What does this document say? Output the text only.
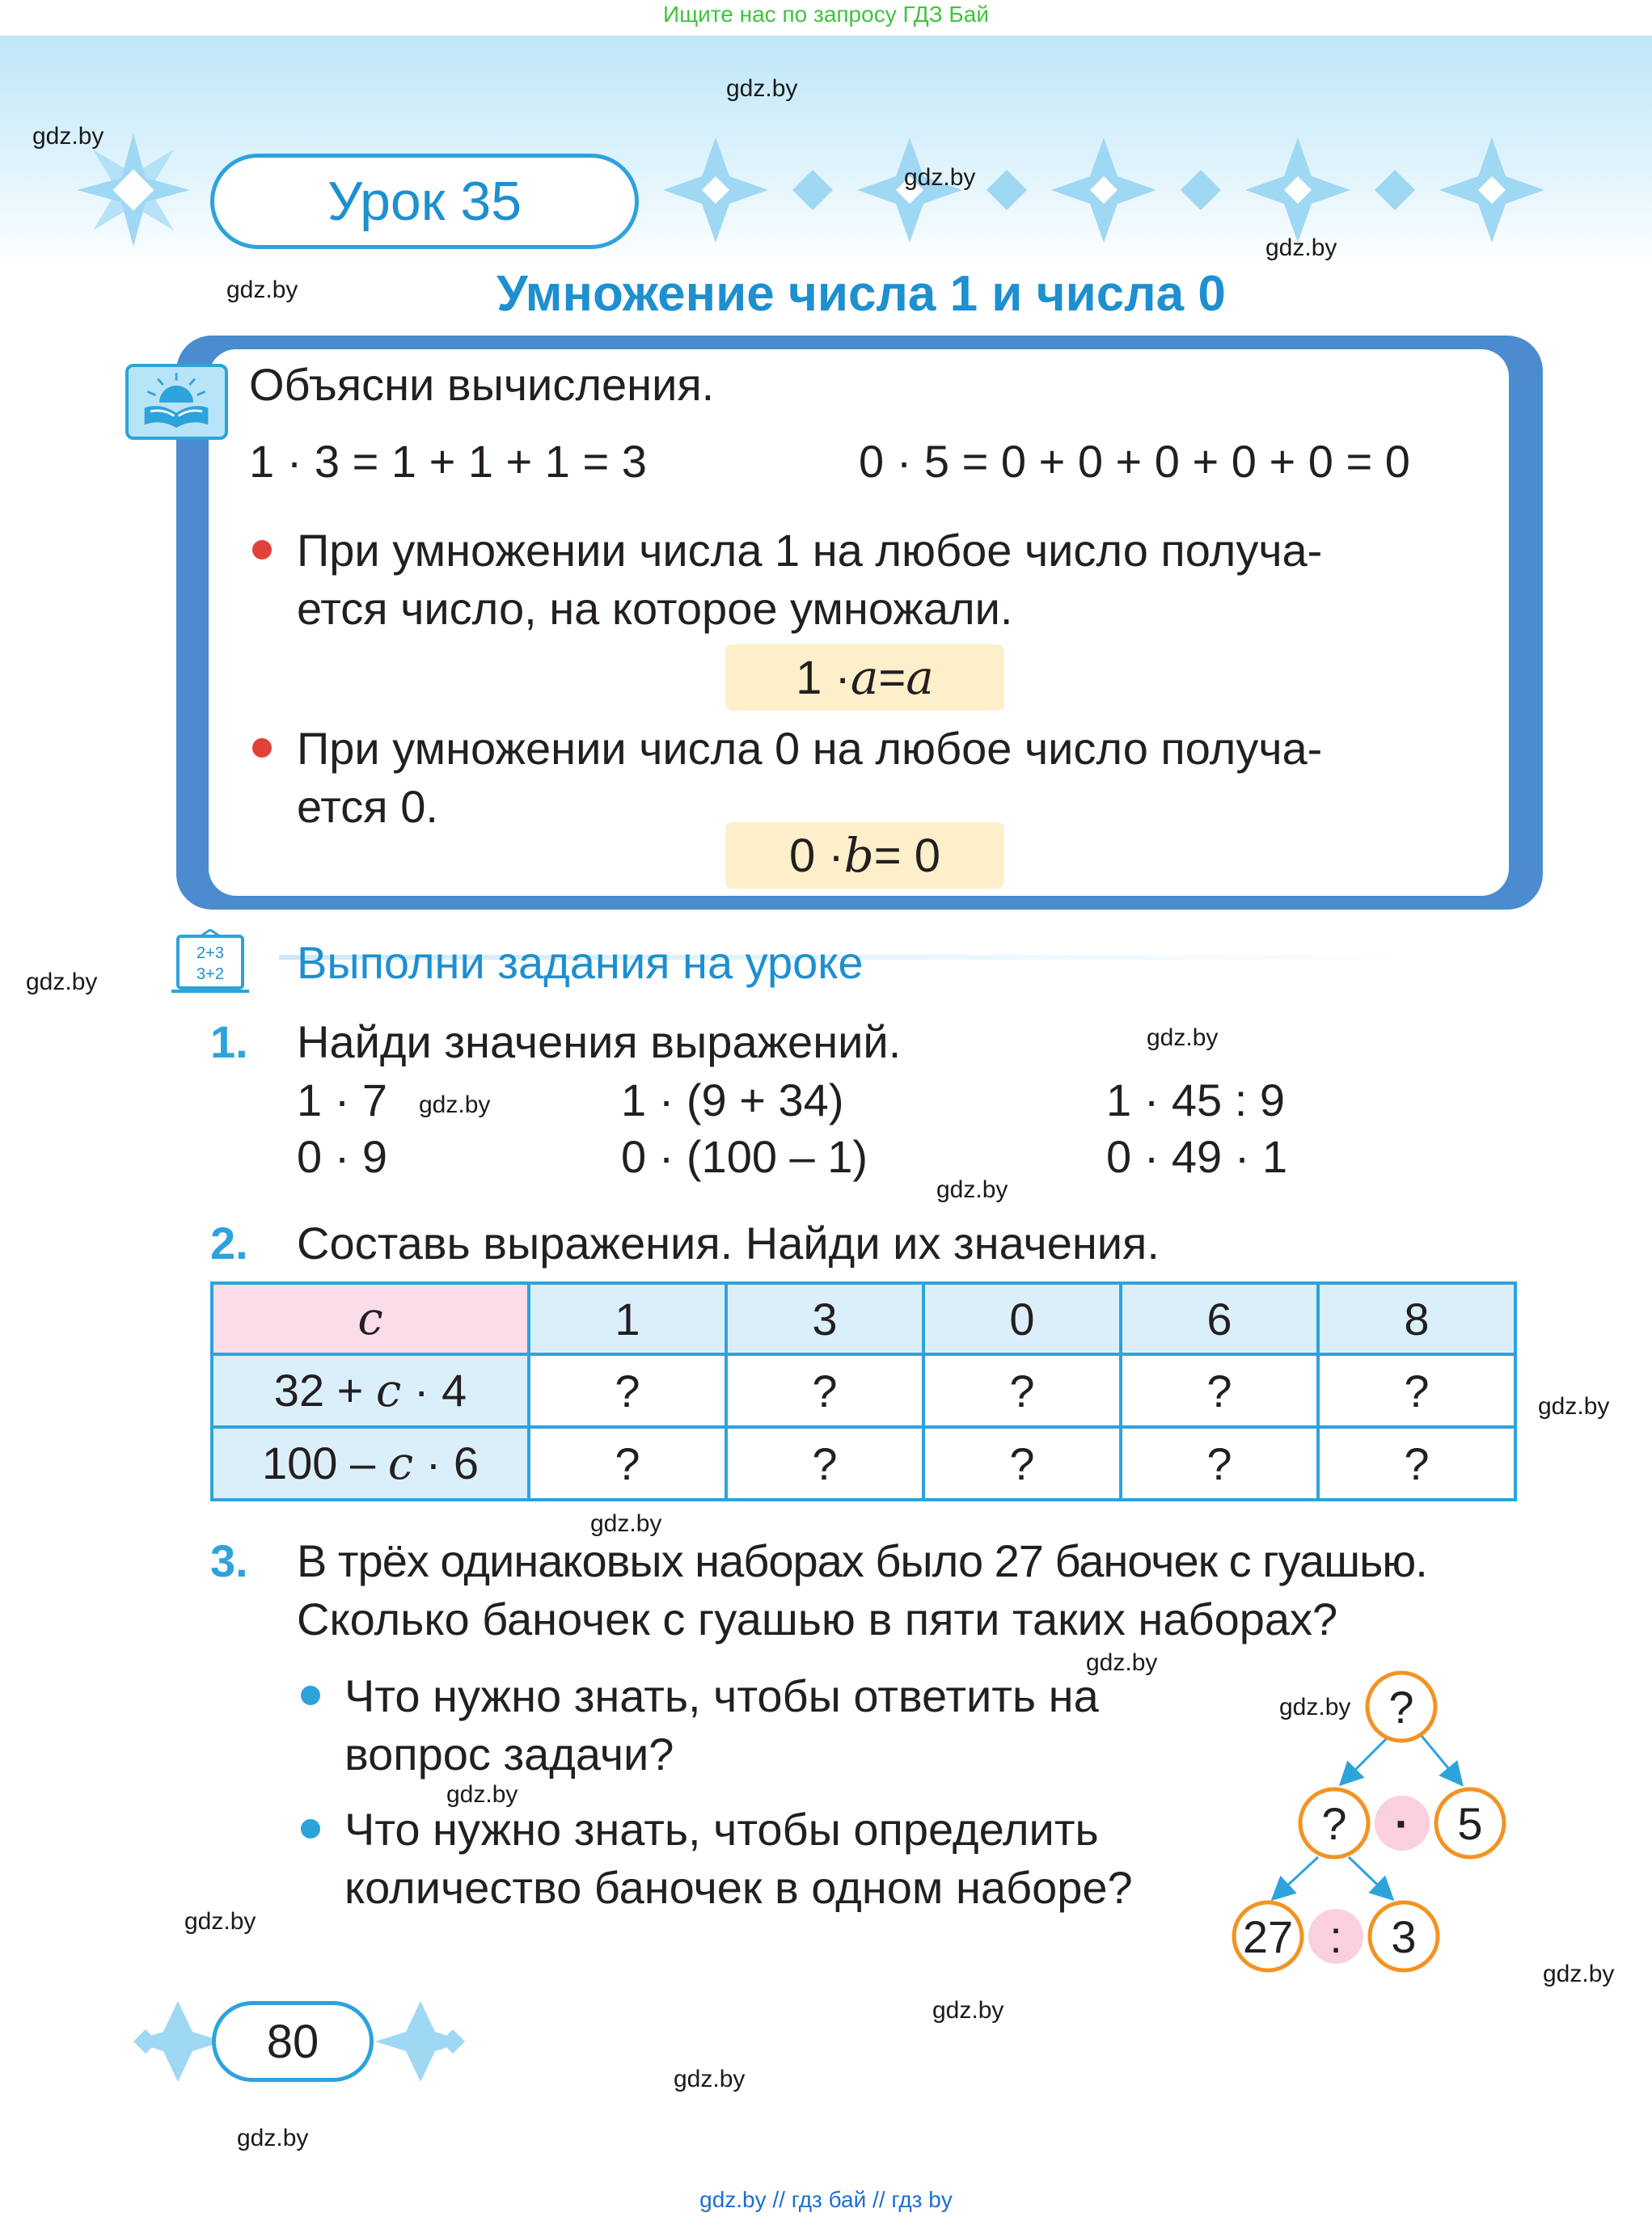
Ищите нас по запросу ГДЗ Бай
Урок 35
Умножение числа 1 и числа 0
gdz.by
gdz.by
gdz.by
gdz.by
gdz.by
gdz.by
gdz.by
gdz.by
gdz.by
gdz.by
gdz.by
gdz.by
gdz.by
gdz.by
gdz.by
gdz.by
gdz.by
gdz.by
gdz.by
Объясни вычисления.
1 · 3 = 1 + 1 + 1 = 3	0 · 5 = 0 + 0 + 0 + 0 + 0 = 0
При умножении числа 1 на любое число получа-
ется число, на которое умножали.
1 · a = a
При умножении числа 0 на любое число получа-
ется 0.
0 · b = 0
2+3
3+2	Выполни задания на уроке
1. Найди значения выражений.
1 · 7	1 · (9 + 34)	1 · 45 : 9
0 · 9	0 · (100 – 1)	0 · 49 · 1
2. Составь выражения. Найди их значения.
c	1	3	0	6	8
32 + c · 4	?	?	?	?	?
100 – c · 6	?	?	?	?	?
3. В трёх одинаковых наборах было 27 баночек с гуашью.
Сколько баночек с гуашью в пяти таких наборах?
Что нужно знать, чтобы ответить на
вопрос задачи?
Что нужно знать, чтобы определить
количество баночек в одном наборе?
?
?	·	5
27 :	3
80
gdz.by // гдз бай // гдз by
